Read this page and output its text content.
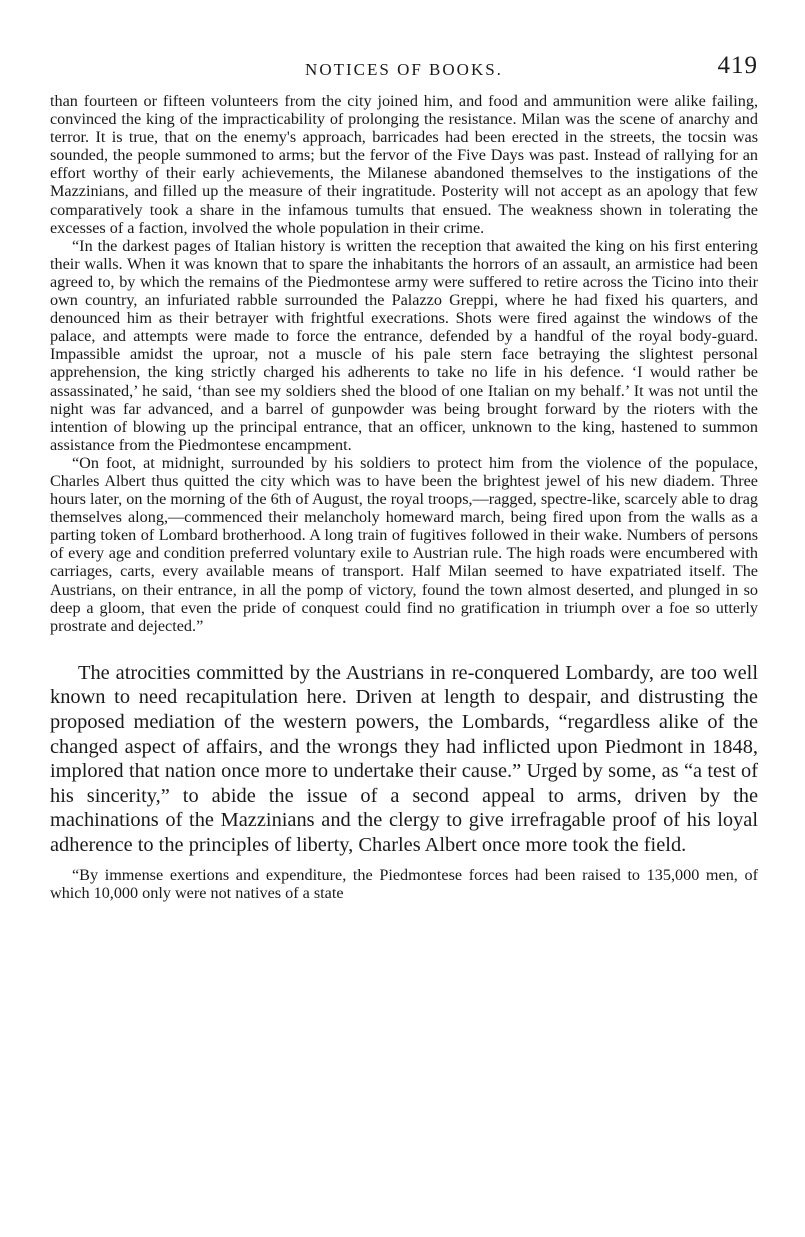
NOTICES OF BOOKS.	419

than fourteen or fifteen volunteers from the city joined him, and food and ammunition were alike failing, convinced the king of the impracticability of prolonging the resistance. Milan was the scene of anarchy and terror. It is true, that on the enemy's approach, barricades had been erected in the streets, the tocsin was sounded, the people summoned to arms; but the fervor of the Five Days was past. Instead of rallying for an effort worthy of their early achievements, the Milanese abandoned themselves to the instigations of the Mazzinians, and filled up the measure of their ingratitude. Posterity will not accept as an apology that few comparatively took a share in the infamous tumults that ensued. The weakness shown in tolerating the excesses of a faction, involved the whole population in their crime.

“In the darkest pages of Italian history is written the reception that awaited the king on his first entering their walls. When it was known that to spare the inhabitants the horrors of an assault, an armistice had been agreed to, by which the remains of the Piedmontese army were suffered to retire across the Ticino into their own country, an infuriated rabble surrounded the Palazzo Greppi, where he had fixed his quarters, and denounced him as their betrayer with frightful execrations. Shots were fired against the windows of the palace, and attempts were made to force the entrance, defended by a handful of the royal body-guard. Impassible amidst the uproar, not a muscle of his pale stern face betraying the slightest personal apprehension, the king strictly charged his adherents to take no life in his defence. ‘I would rather be assassinated,’ he said, ‘than see my soldiers shed the blood of one Italian on my behalf.’ It was not until the night was far advanced, and a barrel of gunpowder was being brought forward by the rioters with the intention of blowing up the principal entrance, that an officer, unknown to the king, hastened to summon assistance from the Piedmontese encampment.

“On foot, at midnight, surrounded by his soldiers to protect him from the violence of the populace, Charles Albert thus quitted the city which was to have been the brightest jewel of his new diadem. Three hours later, on the morning of the 6th of August, the royal troops,—ragged, spectre-like, scarcely able to drag themselves along,—commenced their melancholy homeward march, being fired upon from the walls as a parting token of Lombard brotherhood. A long train of fugitives followed in their wake. Numbers of persons of every age and condition preferred voluntary exile to Austrian rule. The high roads were encumbered with carriages, carts, every available means of transport. Half Milan seemed to have expatriated itself. The Austrians, on their entrance, in all the pomp of victory, found the town almost deserted, and plunged in so deep a gloom, that even the pride of conquest could find no gratification in triumph over a foe so utterly prostrate and dejected.”

The atrocities committed by the Austrians in re-conquered Lombardy, are too well known to need recapitulation here. Driven at length to despair, and distrusting the proposed mediation of the western powers, the Lombards, “regardless alike of the changed aspect of affairs, and the wrongs they had inflicted upon Piedmont in 1848, implored that nation once more to undertake their cause.” Urged by some, as “a test of his sincerity,” to abide the issue of a second appeal to arms, driven by the machinations of the Mazzinians and the clergy to give irrefragable proof of his loyal adherence to the principles of liberty, Charles Albert once more took the field.

“By immense exertions and expenditure, the Piedmontese forces had been raised to 135,000 men, of which 10,000 only were not natives of a state
